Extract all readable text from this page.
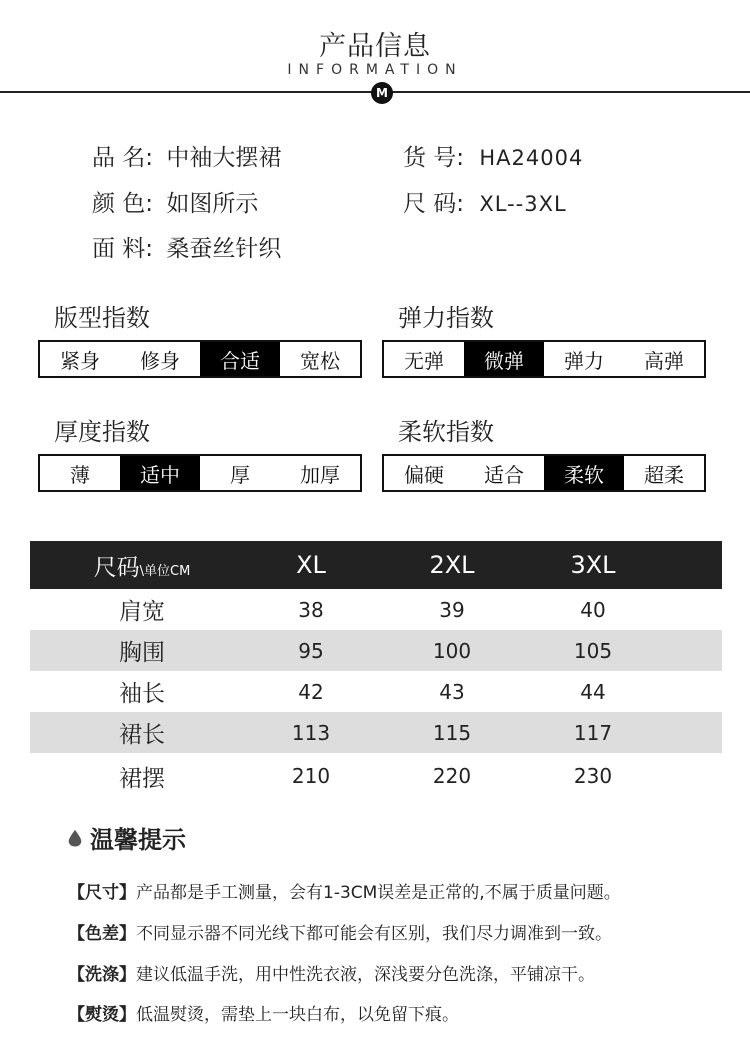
产品信息
INFORMATION
M
品 名: 中袖大摆裙	货 号: HA24004
颜 色: 如图所示	尺 码: XL--3XL
面 料: 桑蚕丝针织
版型指数
紧身	修身	合适	宽松
弹力指数
无弹	微弹	弹力	高弹
厚度指数
薄	适中	厚	加厚
柔软指数
偏硬	适合	柔软	超柔
尺码\单位CM	XL	2XL	3XL
肩宽	38	39	40
胸围	95	100	105
袖长	42	43	44
裙长	113	115	117
裙摆	210	220	230
温馨提示
【尺寸】产品都是手工测量，会有1-3CM误差是正常的,不属于质量问题。
【色差】不同显示器不同光线下都可能会有区别，我们尽力调准到一致。
【洗涤】建议低温手洗，用中性洗衣液，深浅要分色洗涤，平铺凉干。
【熨烫】低温熨烫，需垫上一块白布，以免留下痕。
